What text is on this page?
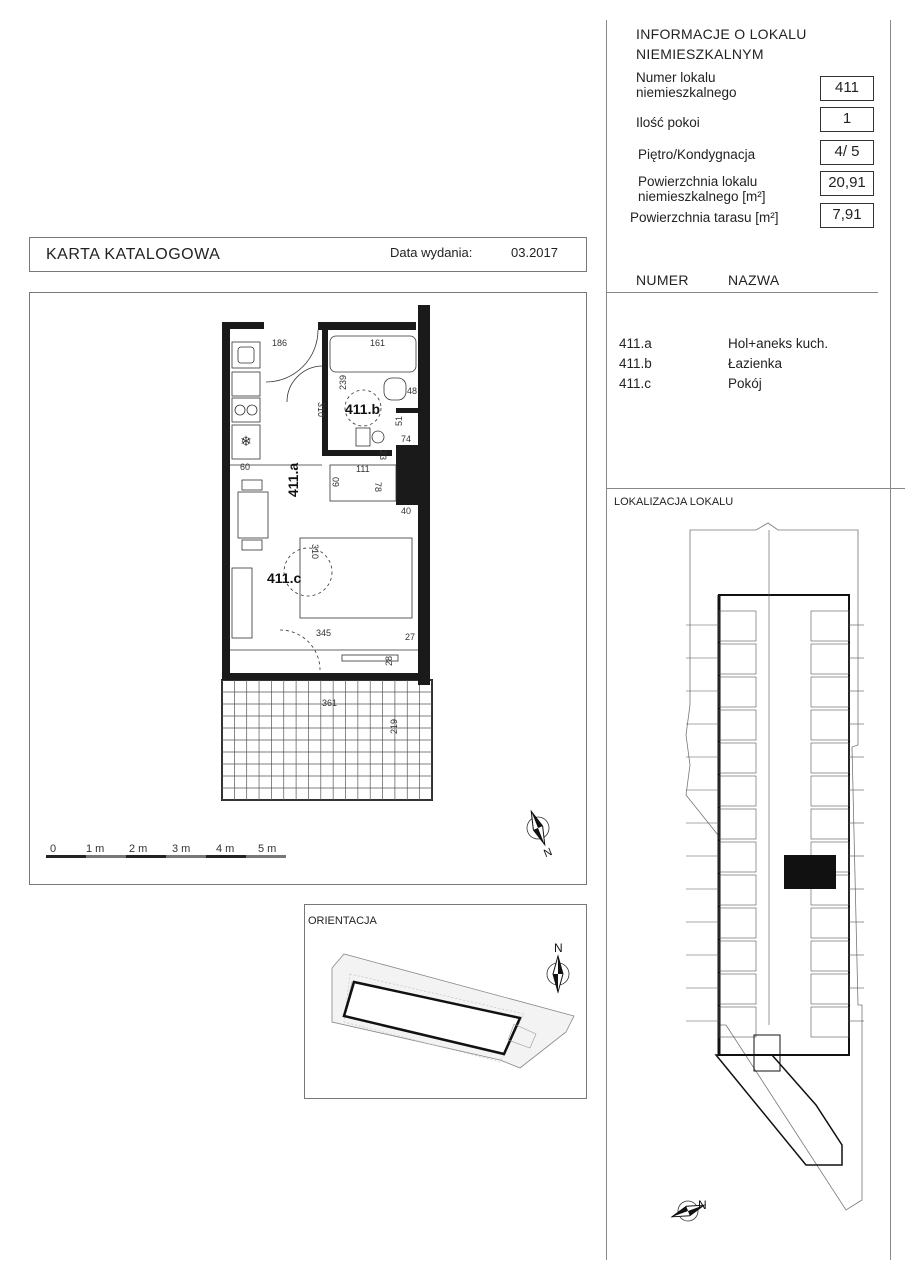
INFORMACJE O LOKALU
NIEMIESZKALNYM
Numer lokalu
niemieszkalnego	411
Ilość pokoi	1
Piętro/Kondygnacja	4/ 5
Powierzchnia lokalu
niemieszkalnego [m²]
20,91
Powierzchnia tarasu [m²]	7,91
NUMER	NAZWA
411.a	Hol+aneks kuch.
411.b	Łazienka
411.c	Pokój
LOKALIZACJA LOKALU
KARTA KATALOGOWA	Data wydania:	03.2017
❄
186	161
310
239
48
51
74
23
111
60
78
60
40
310
345	27
28
361
219
411.a
411.b
411.c
0	1 m 2 m 3 m 4 m 5 m	N
ORIENTACJA
N
N
